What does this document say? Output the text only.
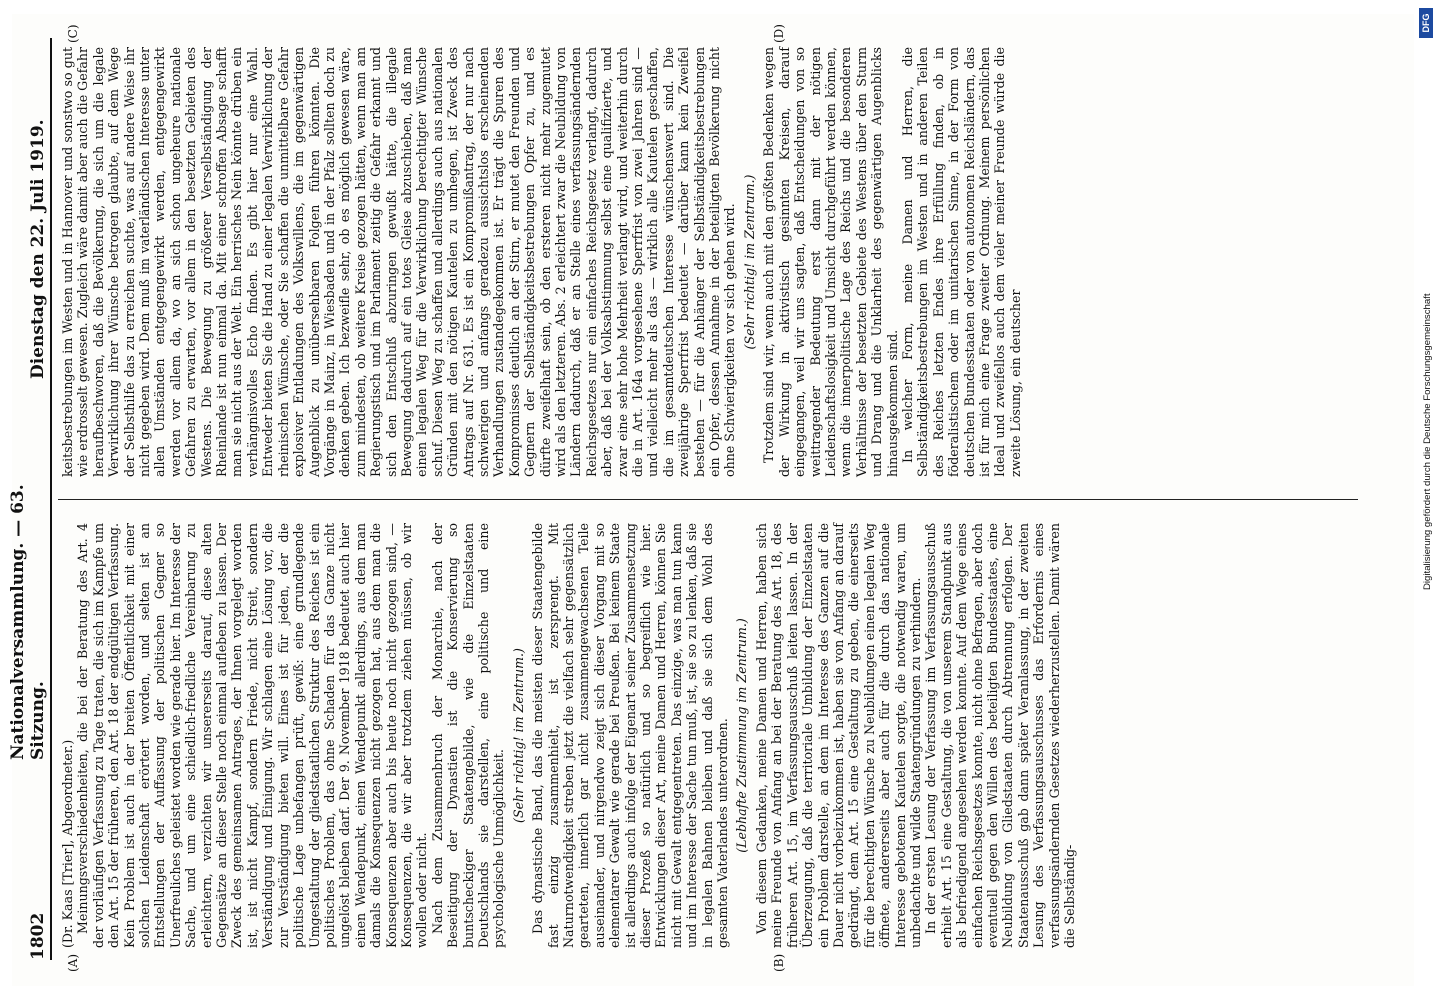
1802
Nationalversammlung. — 63. Sitzung.
Dienstag den 22. Juli 1919.
(A)	(B)
(C)	(D)

(Dr. Kaas [Trier], Abgeordneter.) Meinungsverschiedenheiten, die bei der Beratung des Art. 4 der vorläufigen Verfassung zu Tage traten, die sich im Kampfe um den Art. 15 der früheren, den Art. 18 der endgültigen Verfassung. Kein Problem ist auch in der breiten Öffentlichkeit mit einer solchen Leidenschaft erörtert worden, und selten ist an Entstellungen der Auffassung der politischen Gegner so Unerfreuliches geleistet worden wie gerade hier. Im Interesse der Sache, und um eine schiedlich-friedliche Vereinbarung zu erleichtern, verzichten wir unsererseits darauf, diese alten Gegensätze an dieser Stelle noch einmal aufleben zu lassen. Der Zweck des gemeinsamen Antrages, der Ihnen vorgelegt worden ist, ist nicht Kampf, sondern Friede, nicht Streit, sondern Verständigung und Einigung. Wir schlagen eine Lösung vor, die zur Verständigung bieten will. Eines ist für jeden, der die politische Lage unbefangen prüft, gewiß: eine grundlegende Umgestaltung der gliedstaatlichen Struktur des Reiches ist ein politisches Problem, das ohne Schaden für das Ganze nicht ungelöst bleiben darf. Der 9. November 1918 bedeutet auch hier einen Wendepunkt, einen Wendepunkt allerdings, aus dem man damals die Konsequenzen nicht gezogen hat, aus dem man die Konsequenzen aber auch bis heute noch nicht gezogen sind, — Konsequenzen, die wir aber trotzdem ziehen müssen, ob wir wollen oder nicht. Nach dem Zusammenbruch der Monarchie, nach der Beseitigung der Dynastien ist die Konservierung so buntscheckiger Staatengebilde, wie die Einzelstaaten Deutschlands sie darstellen, eine politische und eine psychologische Unmöglichkeit.

(Sehr richtig! im Zentrum.) Das dynastische Band, das die meisten dieser Staatengebilde fast einzig zusammenhielt, ist zersprengt. Mit Naturnotwendigkeit streben jetzt die vielfach sehr gegensätzlich gearteten, innerlich gar nicht zusammengewachsenen Teile auseinander, und nirgendwo zeigt sich dieser Vorgang mit so elementarer Gewalt wie gerade bei Preußen. Bei keinem Staate ist allerdings auch infolge der Eigenart seiner Zusammensetzung dieser Prozeß so natürlich und so begreiflich wie hier. Entwicklungen dieser Art, meine Damen und Herren, können Sie nicht mit Gewalt entgegentreten. Das einzige, was man tun kann und im Interesse der Sache tun muß, ist, sie so zu lenken, daß sie in legalen Bahnen bleiben und daß sie sich dem Wohl des gesamten Vaterlandes unterordnen. (Lebhafte Zustimmung im Zentrum.) Von diesem Gedanken, meine Damen und Herren, haben sich meine Freunde von Anfang an bei der Beratung des Art. 18, des früheren Art. 15, im Verfassungsausschuß leiten lassen. In der Überzeugung, daß die territoriale Umbildung der Einzelstaaten ein Problem darstelle, an dem im Interesse des Ganzen auf die Dauer nicht vorbeizukommen ist, haben sie von Anfang an darauf gedrängt, dem Art. 15 eine Gestaltung zu geben, die einerseits für die berechtigten Wünsche zu Neubildungen einen legalen Weg öffnete, andererseits aber auch für die durch das nationale Interesse gebotenen Kautelen sorgte, die notwendig waren, um unbedachte und wilde Staatengründungen zu verhindern. In der ersten Lesung der Verfassung im Verfassungsausschuß erhielt Art. 15 eine Gestaltung, die von unserem Standpunkt aus als befriedigend angesehen werden konnte. Auf dem Wege eines einfachen Reichsgesetzes konnte, nicht ohne Befragen, aber doch eventuell gegen den Willen des beteiligten Bundesstaates, eine Neubildung von Gliedstaaten durch Abtrennung erfolgen. Der Staatenausschuß gab dann später Veranlassung, in der zweiten Lesung des Verfassungsausschusses das Erfordernis eines verfassungsändernden Gesetzes wiederherzustellen. Damit wären die Selbständig-

keitsbestrebungen im Westen und in Hannover und sonstwo so gut wie erdrosselt gewesen. Zugleich wäre damit aber auch die Gefahr heraufbeschworen, daß die Bevölkerung, die sich um die legale Verwirklichung ihrer Wünsche betrogen glaubte, auf dem Wege der Selbsthilfe das zu erreichen suchte, was auf andere Weise ihr nicht gegeben wird. Dem muß im vaterländischen Interesse unter allen Umständen entgegengewirkt werden, entgegengewirkt werden vor allem da, wo an sich schon ungeheure nationale Gefahren zu erwarten, vor allem in den besetzten Gebieten des Westens. Die Bewegung zu größerer Verselbständigung der Rheinlande ist nun einmal da. Mit einer schroffen Absage schafft man sie nicht aus der Welt. Ein herrisches Nein könnte drüben ein verhängnisvolles Echo finden. Es gibt hier nur eine Wahl. Entweder bieten Sie die Hand zu einer legalen Verwirklichung der rheinischen Wünsche, oder Sie schaffen die unmittelbare Gefahr explosiver Entladungen des Volkswillens, die im gegenwärtigen Augenblick zu unübersehbaren Folgen führen könnten. Die Vorgänge in Mainz, in Wiesbaden und in der Pfalz sollten doch zu denken geben. Ich bezweifle sehr, ob es möglich gewesen wäre, zum mindesten, ob weitere Kreise gezogen hätten, wenn man am Regierungstisch und im Parlament zeitig die Gefahr erkannt und sich den Entschluß abzuringen gewußt hätte, die illegale Bewegung dadurch auf ein totes Gleise abzuschieben, daß man einen legalen Weg für die Verwirklichung berechtigter Wünsche schuf. Diesen Weg zu schaffen und allerdings auch aus nationalen Gründen mit den nötigen Kautelen zu umhegen, ist Zweck des Antrags auf Nr. 631. Es ist ein Kompromißantrag, der nur nach schwierigen und anfangs geradezu aussichtslos erscheinenden Verhandlungen zustandegekommen ist. Er trägt die Spuren des Kompromisses deutlich an der Stirn, er mutet den Freunden und Gegnern der Selbständigkeitsbestrebungen Opfer zu, und es dürfte zweifelhaft sein, ob den ersteren nicht mehr zugemutet wird als den letzteren. Abs. 2 erleichtert zwar die Neubildung von Ländern dadurch, daß er an Stelle eines verfassungsändernden Reichsgesetzes nur ein einfaches Reichsgesetz verlangt, dadurch aber, daß bei der Volksabstimmung selbst eine qualifizierte, und zwar eine sehr hohe Mehrheit verlangt wird, und weiterhin durch die in Art. 164a vorgesehene Sperrfrist von zwei Jahren sind — und vielleicht mehr als das — wirklich alle Kautelen geschaffen, die im gesamtdeutschen Interesse wünschenswert sind. Die zweijährige Sperrfrist bedeutet — darüber kann kein Zweifel bestehen — für die Anhänger der Selbständigkeitsbestrebungen ein Opfer, dessen Annahme in der beteiligten Bevölkerung nicht ohne Schwierigkeiten vor sich gehen wird. (Sehr richtig! im Zentrum.) Trotzdem sind wir, wenn auch mit den größten Bedenken wegen der Wirkung in aktivistisch gesinnten Kreisen, darauf eingegangen, weil wir uns sagten, daß Entscheidungen von so weittragender Bedeutung erst dann mit der nötigen Leidenschaftslosigkeit und Umsicht durchgeführt werden können, wenn die innerpolitische Lage des Reichs und die besonderen Verhältnisse der besetzten Gebiete des Westens über den Sturm und Drang und die Unklarheit des gegenwärtigen Augenblicks hinausgekommen sind. In welcher Form, meine Damen und Herren, die Selbständigkeitsbestrebungen im Westen und in anderen Teilen des Reiches letzten Endes ihre Erfüllung finden, ob in föderalistischem oder im unitarischen Sinne, in der Form von deutschen Bundesstaaten oder von autonomen Reichsländern, das ist für mich eine Frage zweiter Ordnung. Meinem persönlichen Ideal und zweifellos auch dem vieler meiner Freunde würde die zweite Lösung, ein deutscher

DFG
Digitalisierung gefördert durch die Deutsche Forschungsgemeinschaft
